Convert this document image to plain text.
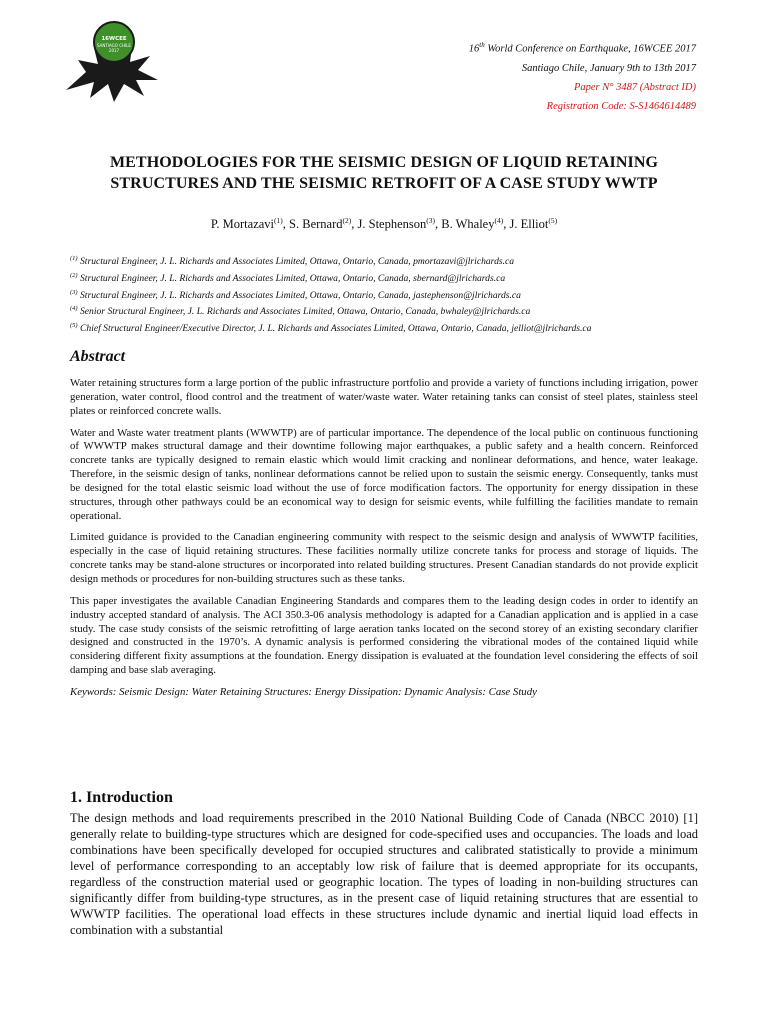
16WCEE
SANTIAGO CHILE
2017	16th World Conference on Earthquake, 16WCEE 2017
Santiago Chile, January 9th to 13th 2017
Paper N° 3487 (Abstract ID)
Registration Code: S-S1464614489
METHODOLOGIES FOR THE SEISMIC DESIGN OF LIQUID RETAINING
STRUCTURES AND THE SEISMIC RETROFIT OF A CASE STUDY WWTP
P. Mortazavi$^{(1)}$, S. Bernard$^{(2)}$, J. Stephenson$^{(3)}$, B. Whaley$^{(4)}$, J. Elliot$^{(5)}$
$^{(1)}$ Structural Engineer, J. L. Richards and Associates Limited, Ottawa, Ontario, Canada, pmortazavi@jlrichards.ca
$^{(2)}$ Structural Engineer, J. L. Richards and Associates Limited, Ottawa, Ontario, Canada, sbernard@jlrichards.ca
$^{(3)}$ Structural Engineer, J. L. Richards and Associates Limited, Ottawa, Ontario, Canada, jastephenson@jlrichards.ca
$^{(4)}$ Senior Structural Engineer, J. L. Richards and Associates Limited, Ottawa, Ontario, Canada, bwhaley@jlrichards.ca
$^{(5)}$ Chief Structural Engineer/Executive Director, J. L. Richards and Associates Limited, Ottawa, Ontario, Canada, jelliot@jlrichards.ca
Abstract

Water retaining structures form a large portion of the public infrastructure portfolio and provide a variety of functions including irrigation, power generation, water control, flood control and the treatment of water/waste water. Water retaining tanks can consist of steel plates, stainless steel plates or reinforced concrete walls.

Water and Waste water treatment plants (WWWTP) are of particular importance. The dependence of the local public on continuous functioning of WWWTP makes structural damage and their downtime following major earthquakes, a public safety and a health concern. Reinforced concrete tanks are typically designed to remain elastic which would limit cracking and nonlinear deformations, and hence, water leakage. Therefore, in the seismic design of tanks, nonlinear deformations cannot be relied upon to sustain the seismic energy. Consequently, tanks must be designed for the total elastic seismic load without the use of force modification factors. The opportunity for energy dissipation in these structures, through other pathways could be an economical way to design for seismic events, while fulfilling the facilities mandate to remain operational.

Limited guidance is provided to the Canadian engineering community with respect to the seismic design and analysis of WWWTP facilities, especially in the case of liquid retaining structures. These facilities normally utilize concrete tanks for process and storage of liquids. The concrete tanks may be stand-alone structures or incorporated into related building structures. Present Canadian standards do not provide explicit design methods or procedures for non-building structures such as these tanks.

This paper investigates the available Canadian Engineering Standards and compares them to the leading design codes in order to identify an industry accepted standard of analysis. The ACI 350.3-06 analysis methodology is adapted for a Canadian application and is applied in a case study. The case study consists of the seismic retrofitting of large aeration tanks located on the second storey of an existing secondary clarifier designed and constructed in the 1970’s. A dynamic analysis is performed considering the vibrational modes of the contained liquid while considering different fixity assumptions at the foundation. Energy dissipation is evaluated at the foundation level considering the effects of soil damping and base slab averaging.

Keywords: Seismic Design: Water Retaining Structures: Energy Dissipation: Dynamic Analysis: Case Study

1. Introduction

The design methods and load requirements prescribed in the 2010 National Building Code of Canada (NBCC 2010) [1] generally relate to building-type structures which are designed for code-specified uses and occupancies. The loads and load combinations have been specifically developed for occupied structures and calibrated statistically to provide a minimum level of performance corresponding to an acceptably low risk of failure that is deemed appropriate for its occupants, regardless of the construction material used or geographic location. The types of loading in non-building structures can significantly differ from building-type structures, as in the present case of liquid retaining structures that are essential to WWWTP facilities. The operational load effects in these structures include dynamic and inertial liquid load effects in combination with a substantial
